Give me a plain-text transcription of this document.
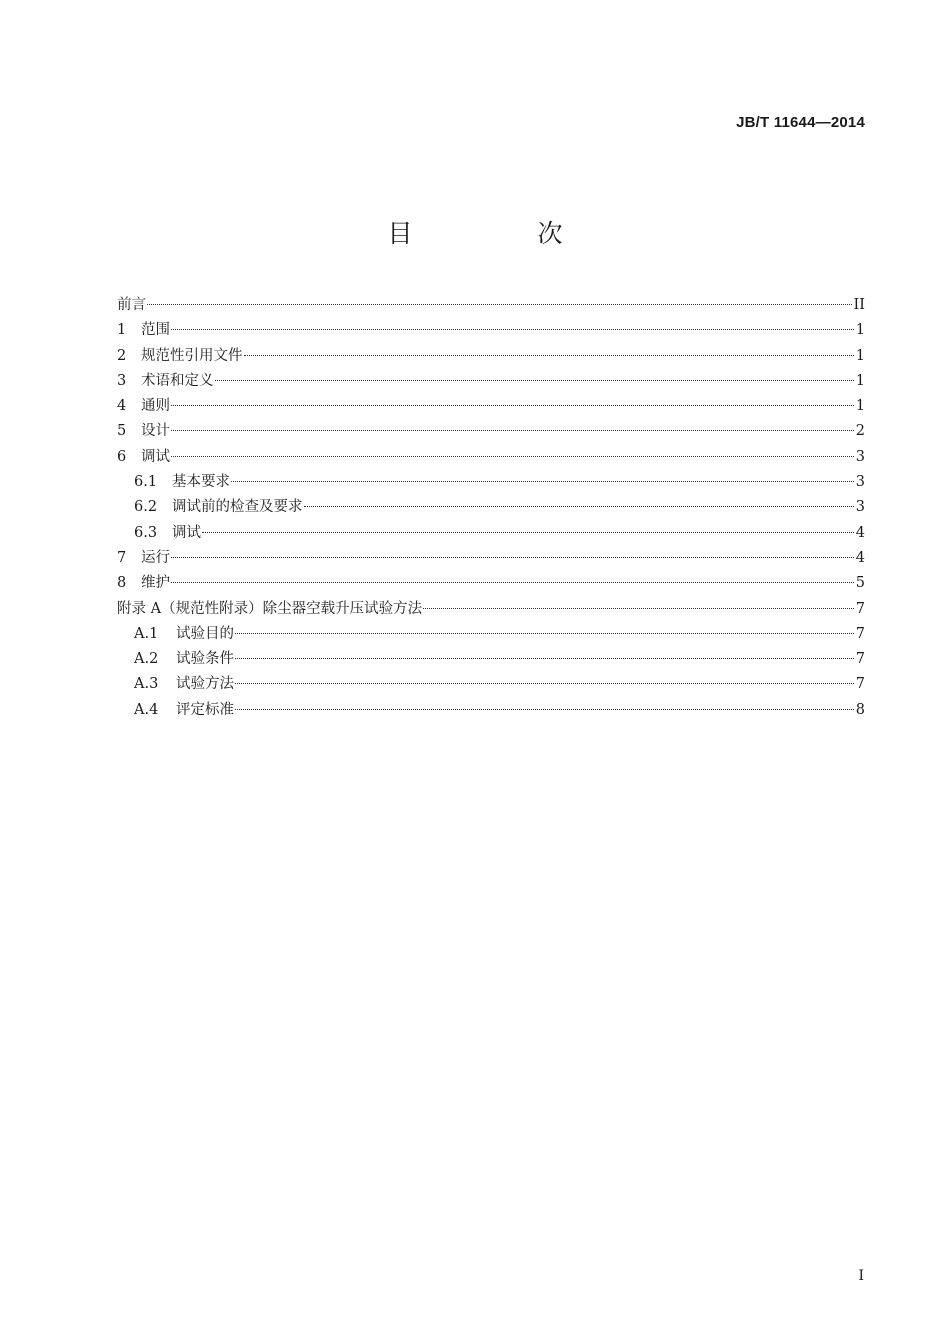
JB/T 11644—2014
目　次
前言	II
1	范围	1
2	规范性引用文件	1
3	术语和定义	1
4	通则	1
5	设计	2
6	调试	3
6.1	基本要求	3
6.2	调试前的检查及要求	3
6.3	调试	4
7	运行	4
8	维护	5
附录 A（规范性附录）除尘器空载升压试验方法	7
A.1	试验目的	7
A.2	试验条件	7
A.3	试验方法	7
A.4	评定标准	8
I
